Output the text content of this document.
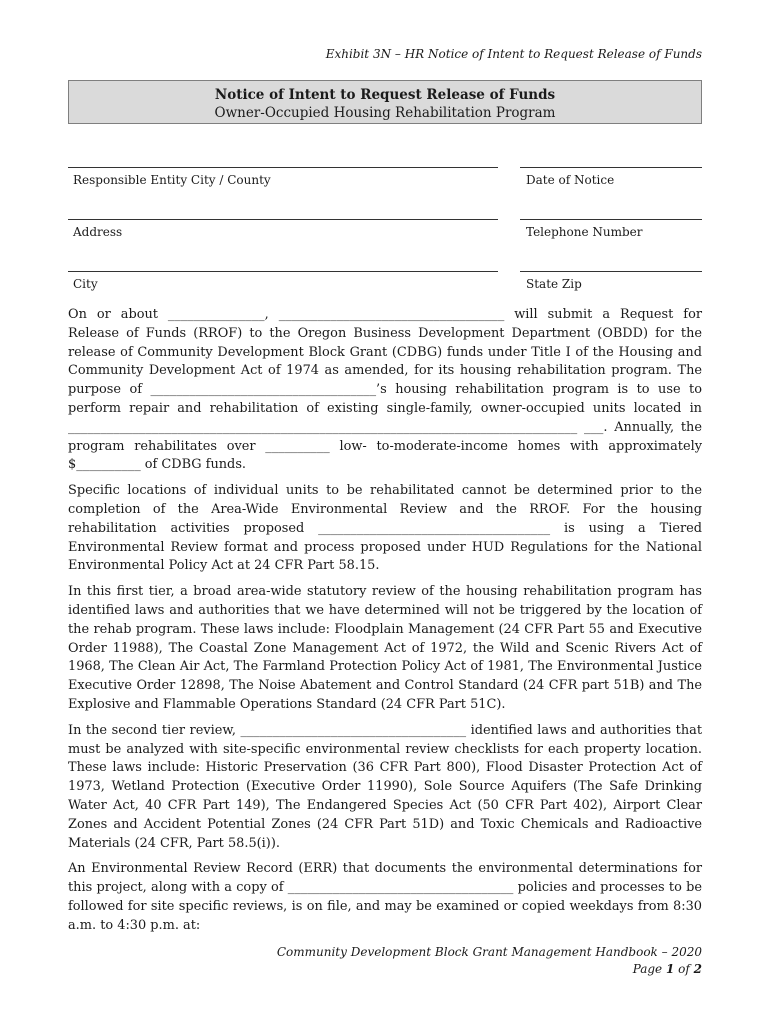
Exhibit 3N – HR Notice of Intent to Request Release of Funds
Notice of Intent to Request Release of Funds
Owner-Occupied Housing Rehabilitation Program
Responsible Entity City / County	Date of Notice
Address	Telephone Number
City	State Zip

On or about _______________, ___________________________________ will submit a Request for Release of Funds (RROF) to the Oregon Business Development Department (OBDD) for the release of Community Development Block Grant (CDBG) funds under Title I of the Housing and Community Development Act of 1974 as amended, for its housing rehabilitation program. The purpose of ___________________________________’s housing rehabilitation program is to use to perform repair and rehabilitation of existing single-family, owner-occupied units located in _______________________________________________________________________________ ___. Annually, the program rehabilitates over __________ low- to-moderate-income homes with approximately $__________ of CDBG funds.

Specific locations of individual units to be rehabilitated cannot be determined prior to the completion of the Area-Wide Environmental Review and the RROF. For the housing rehabilitation activities proposed ____________________________________ is using a Tiered Environmental Review format and process proposed under HUD Regulations for the National Environmental Policy Act at 24 CFR Part 58.15.

In this first tier, a broad area-wide statutory review of the housing rehabilitation program has identified laws and authorities that we have determined will not be triggered by the location of the rehab program. These laws include: Floodplain Management (24 CFR Part 55 and Executive Order 11988), The Coastal Zone Management Act of 1972, the Wild and Scenic Rivers Act of 1968, The Clean Air Act, The Farmland Protection Policy Act of 1981, The Environmental Justice Executive Order 12898, The Noise Abatement and Control Standard (24 CFR part 51B) and The Explosive and Flammable Operations Standard (24 CFR Part 51C).

In the second tier review, ___________________________________ identified laws and authorities that must be analyzed with site-specific environmental review checklists for each property location. These laws include: Historic Preservation (36 CFR Part 800), Flood Disaster Protection Act of 1973, Wetland Protection (Executive Order 11990), Sole Source Aquifers (The Safe Drinking Water Act, 40 CFR Part 149), The Endangered Species Act (50 CFR Part 402), Airport Clear Zones and Accident Potential Zones (24 CFR Part 51D) and Toxic Chemicals and Radioactive Materials (24 CFR, Part 58.5(i)).

An Environmental Review Record (ERR) that documents the environmental determinations for this project, along with a copy of ___________________________________ policies and processes to be followed for site specific reviews, is on file, and may be examined or copied weekdays from 8:30 a.m. to 4:30 p.m. at:

Community Development Block Grant Management Handbook – 2020
Page 1 of 2
